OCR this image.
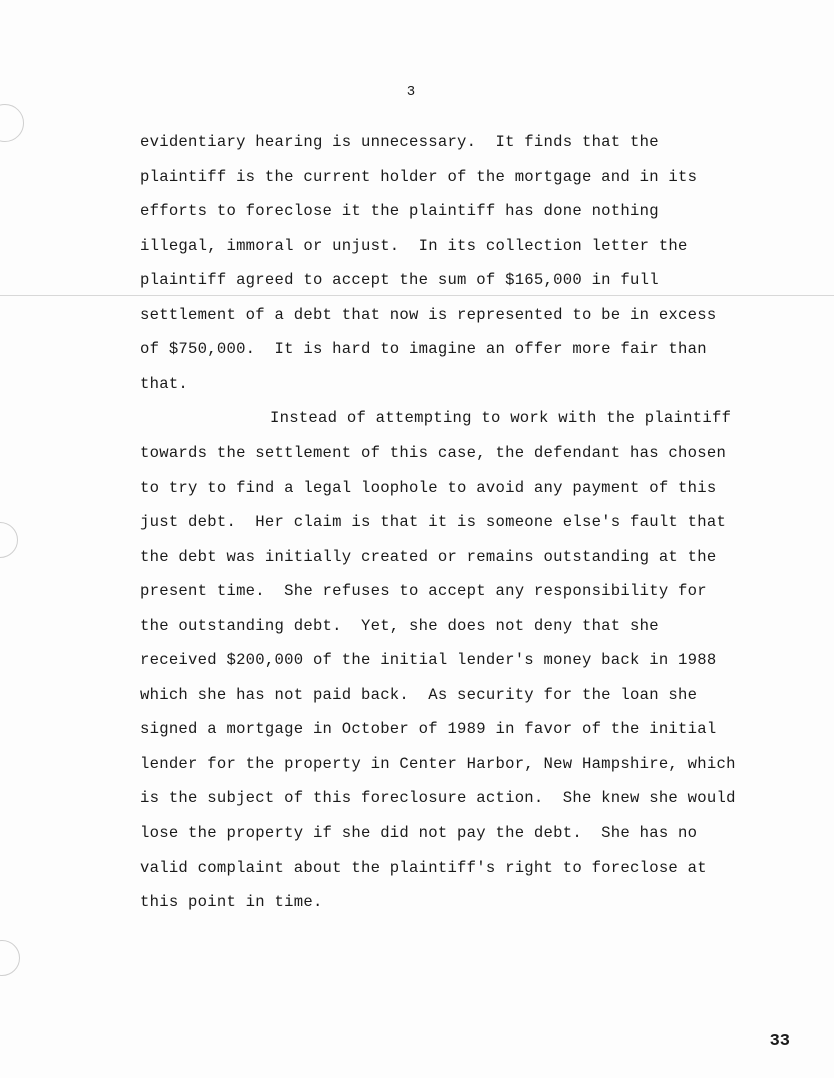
3
evidentiary hearing is unnecessary.  It finds that the
plaintiff is the current holder of the mortgage and in its
efforts to foreclose it the plaintiff has done nothing
illegal, immoral or unjust.  In its collection letter the
plaintiff agreed to accept the sum of $165,000 in full
settlement of a debt that now is represented to be in excess
of $750,000.  It is hard to imagine an offer more fair than
that.
Instead of attempting to work with the plaintiff
towards the settlement of this case, the defendant has chosen
to try to find a legal loophole to avoid any payment of this
just debt.  Her claim is that it is someone else's fault that
the debt was initially created or remains outstanding at the
present time.  She refuses to accept any responsibility for
the outstanding debt.  Yet, she does not deny that she
received $200,000 of the initial lender's money back in 1988
which she has not paid back.  As security for the loan she
signed a mortgage in October of 1989 in favor of the initial
lender for the property in Center Harbor, New Hampshire, which
is the subject of this foreclosure action.  She knew she would
lose the property if she did not pay the debt.  She has no
valid complaint about the plaintiff's right to foreclose at
this point in time.
33
